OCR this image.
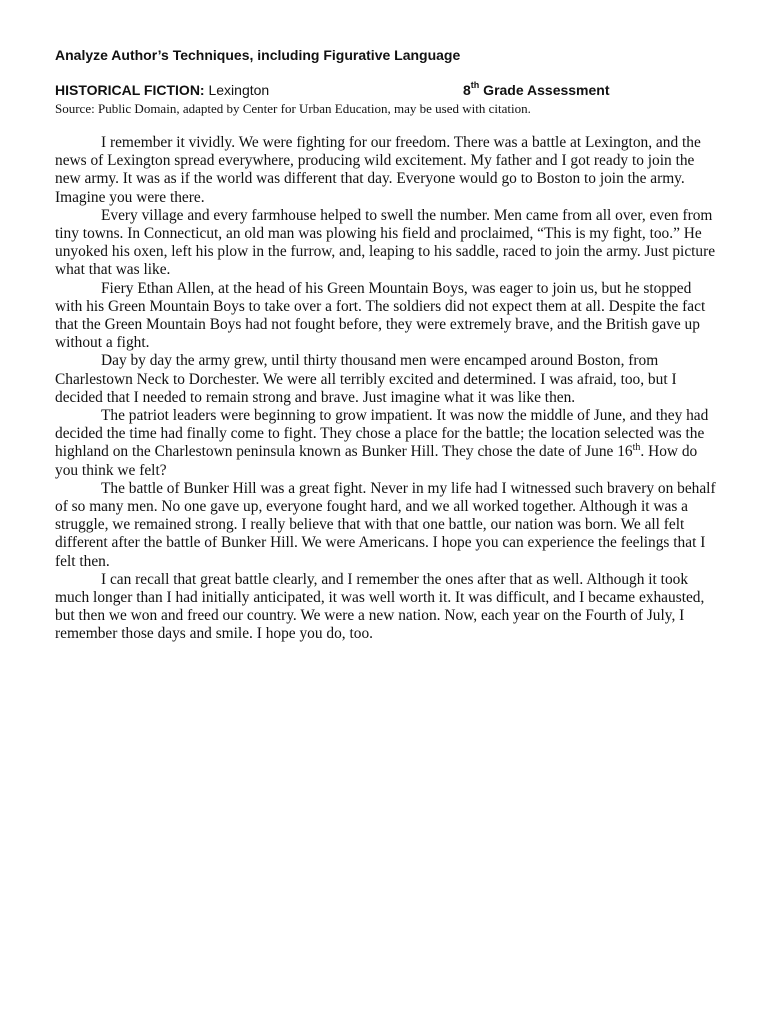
Analyze Author’s Techniques, including Figurative Language
HISTORICAL FICTION: Lexington	8th Grade Assessment
Source: Public Domain, adapted by Center for Urban Education, may be used with citation.

I remember it vividly. We were fighting for our freedom. There was a battle at Lexington, and the news of Lexington spread everywhere, producing wild excitement. My father and I got ready to join the new army. It was as if the world was different that day. Everyone would go to Boston to join the army. Imagine you were there.

Every village and every farmhouse helped to swell the number. Men came from all over, even from tiny towns. In Connecticut, an old man was plowing his field and proclaimed, “This is my fight, too.” He unyoked his oxen, left his plow in the furrow, and, leaping to his saddle, raced to join the army. Just picture what that was like.

Fiery Ethan Allen, at the head of his Green Mountain Boys, was eager to join us, but he stopped with his Green Mountain Boys to take over a fort. The soldiers did not expect them at all. Despite the fact that the Green Mountain Boys had not fought before, they were extremely brave, and the British gave up without a fight.

Day by day the army grew, until thirty thousand men were encamped around Boston, from Charlestown Neck to Dorchester. We were all terribly excited and determined. I was afraid, too, but I decided that I needed to remain strong and brave. Just imagine what it was like then.

The patriot leaders were beginning to grow impatient. It was now the middle of June, and they had decided the time had finally come to fight. They chose a place for the battle; the location selected was the highland on the Charlestown peninsula known as Bunker Hill. They chose the date of June 16th. How do you think we felt?

The battle of Bunker Hill was a great fight. Never in my life had I witnessed such bravery on behalf of so many men. No one gave up, everyone fought hard, and we all worked together. Although it was a struggle, we remained strong. I really believe that with that one battle, our nation was born. We all felt different after the battle of Bunker Hill. We were Americans. I hope you can experience the feelings that I felt then.

I can recall that great battle clearly, and I remember the ones after that as well. Although it took much longer than I had initially anticipated, it was well worth it. It was difficult, and I became exhausted, but then we won and freed our country. We were a new nation. Now, each year on the Fourth of July, I remember those days and smile. I hope you do, too.
